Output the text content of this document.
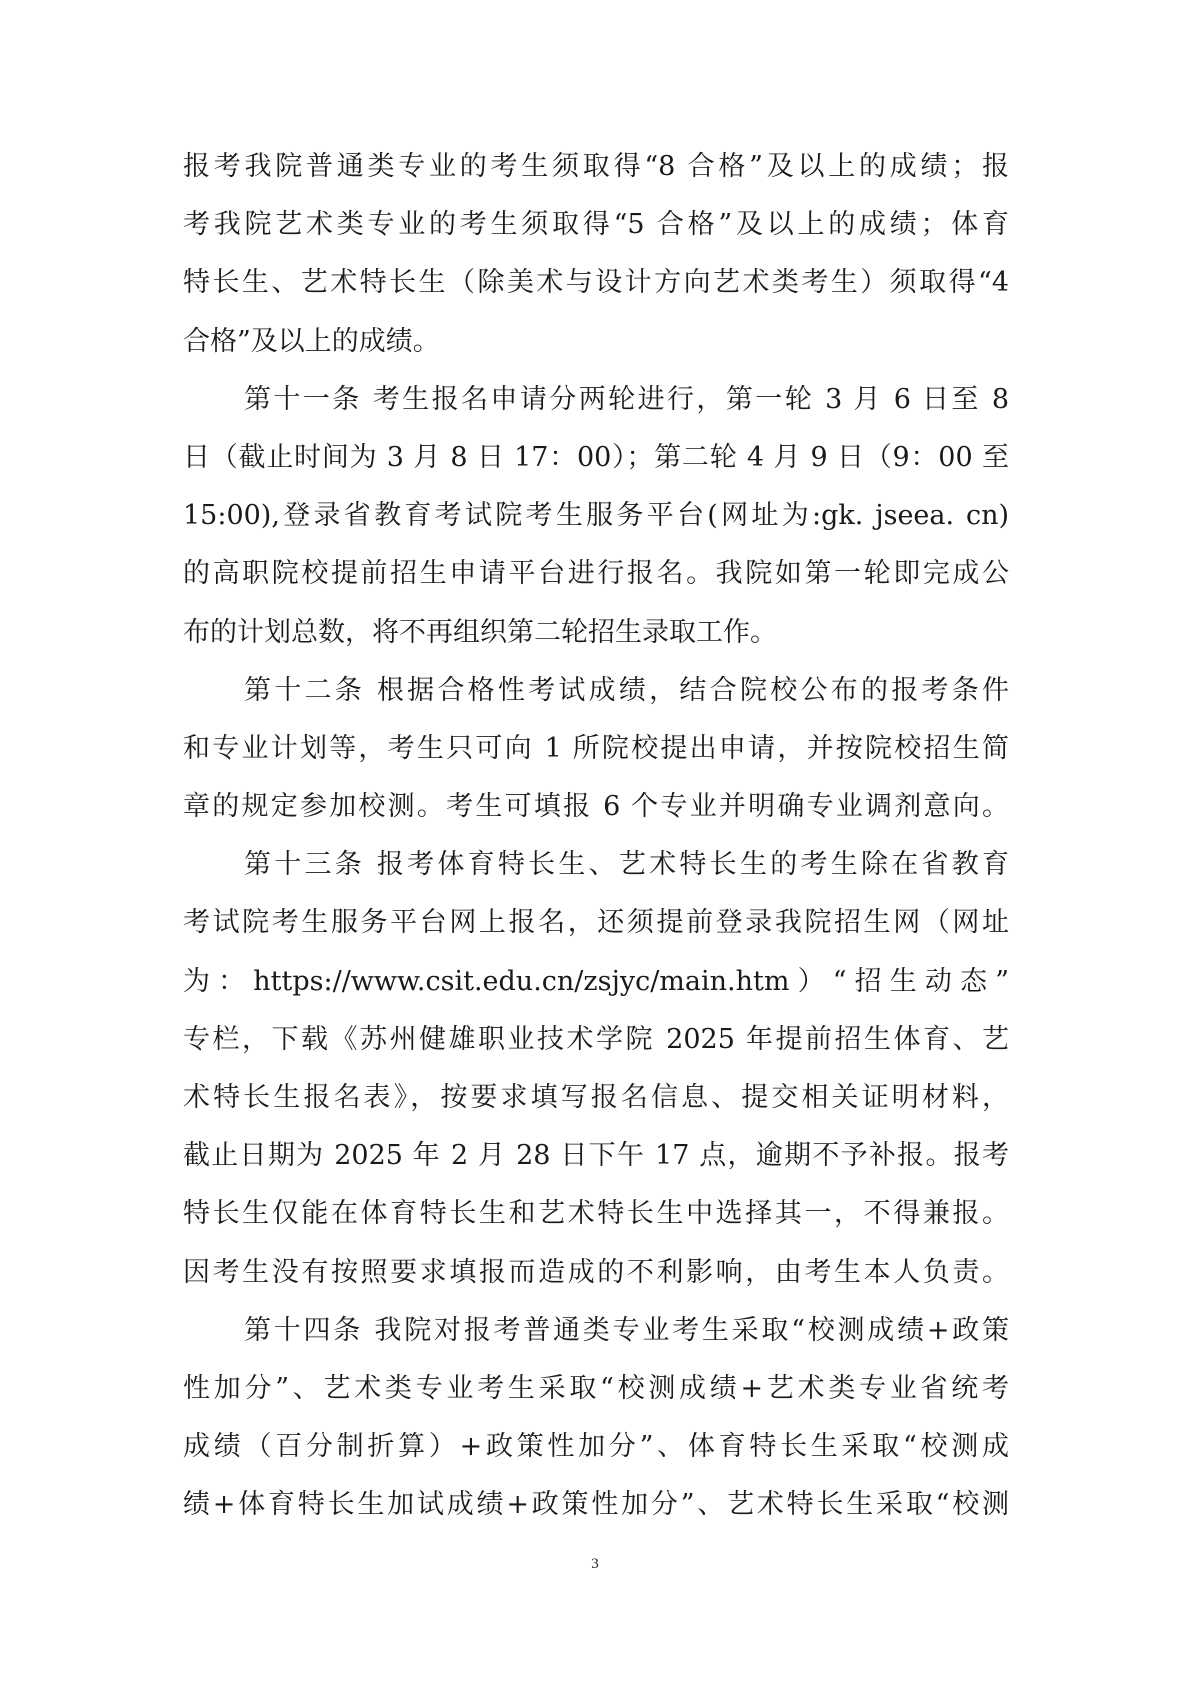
报考我院普通类专业的考生须取得“8 合格”及以上的成绩；报
考我院艺术类专业的考生须取得“5 合格”及以上的成绩；体育
特长生、艺术特长生（除美术与设计方向艺术类考生）须取得“4
合格”及以上的成绩。
第十一条 考生报名申请分两轮进行，第一轮 3 月 6 日至 8
日（截止时间为 3 月 8 日 17：00）；第二轮 4 月 9 日（9：00 至
15:00),登录省教育考试院考生服务平台(网址为:gk. jseea. cn)
的高职院校提前招生申请平台进行报名。我院如第一轮即完成公
布的计划总数，将不再组织第二轮招生录取工作。
第十二条 根据合格性考试成绩，结合院校公布的报考条件
和专业计划等，考生只可向 1 所院校提出申请，并按院校招生简
章的规定参加校测。考生可填报 6 个专业并明确专业调剂意向。
第十三条 报考体育特长生、艺术特长生的考生除在省教育
考试院考生服务平台网上报名，还须提前登录我院招生网（网址
为：https://www.csit.edu.cn/zsjyc/main.htm）“招生动态”
专栏，下载《苏州健雄职业技术学院 2025 年提前招生体育、艺
术特长生报名表》，按要求填写报名信息、提交相关证明材料，
截止日期为 2025 年 2 月 28 日下午 17 点，逾期不予补报。报考
特长生仅能在体育特长生和艺术特长生中选择其一，不得兼报。
因考生没有按照要求填报而造成的不利影响，由考生本人负责。
第十四条 我院对报考普通类专业考生采取“校测成绩+政策
性加分”、艺术类专业考生采取“校测成绩+艺术类专业省统考
成绩（百分制折算）+政策性加分”、体育特长生采取“校测成
绩+体育特长生加试成绩+政策性加分”、艺术特长生采取“校测
3
